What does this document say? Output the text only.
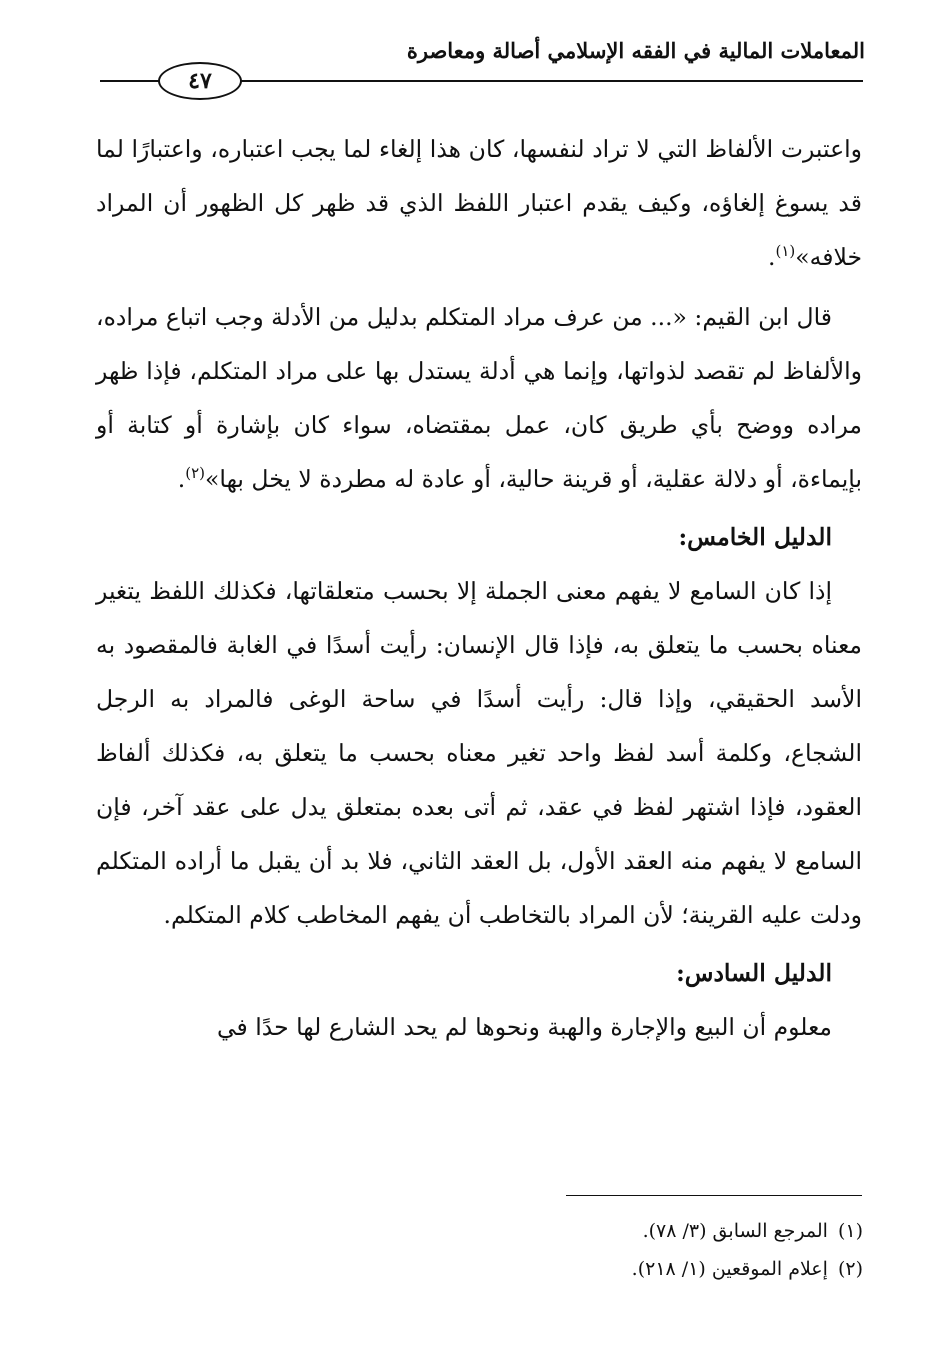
المعاملات المالية في الفقه الإسلامي أصالة ومعاصرة
٤٧

واعتبرت الألفاظ التي لا تراد لنفسها، كان هذا إلغاء لما يجب اعتباره، واعتبارًا لما قد يسوغ إلغاؤه، وكيف يقدم اعتبار اللفظ الذي قد ظهر كل الظهور أن المراد خلافه»$^{(١)}$.

قال ابن القيم: «... من عرف مراد المتكلم بدليل من الأدلة وجب اتباع مراده، والألفاظ لم تقصد لذواتها، وإنما هي أدلة يستدل بها على مراد المتكلم، فإذا ظهر مراده ووضح بأي طريق كان، عمل بمقتضاه، سواء كان بإشارة أو كتابة أو بإيماءة، أو دلالة عقلية، أو قرينة حالية، أو عادة له مطردة لا يخل بها»$^{(٢)}$.

الدليل الخامس:

إذا كان السامع لا يفهم معنى الجملة إلا بحسب متعلقاتها، فكذلك اللفظ يتغير معناه بحسب ما يتعلق به، فإذا قال الإنسان: رأيت أسدًا في الغابة فالمقصود به الأسد الحقيقي، وإذا قال: رأيت أسدًا في ساحة الوغى فالمراد به الرجل الشجاع، وكلمة أسد لفظ واحد تغير معناه بحسب ما يتعلق به، فكذلك ألفاظ العقود، فإذا اشتهر لفظ في عقد، ثم أتى بعده بمتعلق يدل على عقد آخر، فإن السامع لا يفهم منه العقد الأول، بل العقد الثاني، فلا بد أن يقبل ما أراده المتكلم ودلت عليه القرينة؛ لأن المراد بالتخاطب أن يفهم المخاطب كلام المتكلم.

الدليل السادس:

معلوم أن البيع والإجارة والهبة ونحوها لم يحد الشارع لها حدًا في

(١)المرجع السابق (٣/ ٧٨).
(٢)إعلام الموقعين (١/ ٢١٨).
